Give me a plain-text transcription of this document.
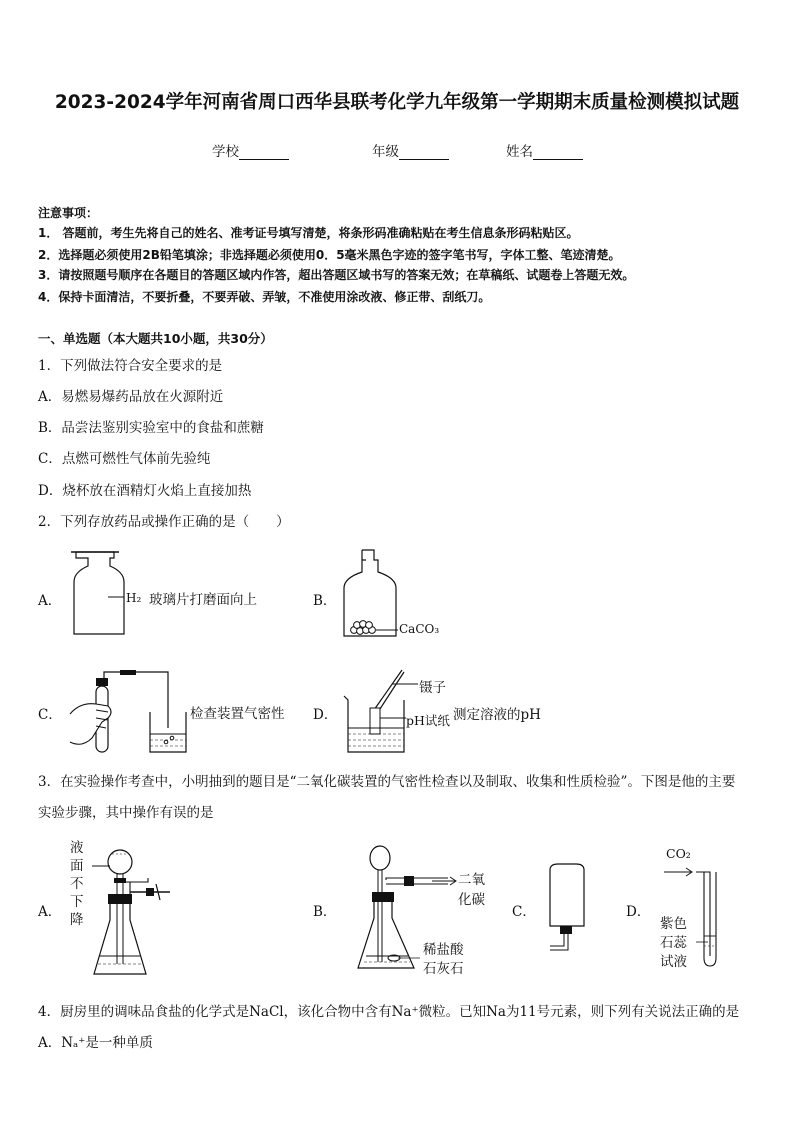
2023-2024学年河南省周口西华县联考化学九年级第一学期期末质量检测模拟试题
学校	年级	姓名
注意事项：
1． 答题前，考生先将自己的姓名、准考证号填写清楚，将条形码准确粘贴在考生信息条形码粘贴区。
2．选择题必须使用2B铅笔填涂；非选择题必须使用0．5毫米黑色字迹的签字笔书写，字体工整、笔迹清楚。
3．请按照题号顺序在各题目的答题区域内作答，超出答题区域书写的答案无效；在草稿纸、试题卷上答题无效。
4．保持卡面清洁，不要折叠，不要弄破、弄皱，不准使用涂改液、修正带、刮纸刀。
一、单选题（本大题共10小题，共30分）
1．下列做法符合安全要求的是
A．易燃易爆药品放在火源附近
B．品尝法鉴别实验室中的食盐和蔗糖
C．点燃可燃性气体前先验纯
D．烧杯放在酒精灯火焰上直接加热
2．下列存放药品或操作正确的是（　　）
A．	H₂ 玻璃片打磨面向上	B．
CaCO₃
C．	检查装置气密性 D．
镊子
pH试纸 测定溶液的pH
3．在实验操作考查中，小明抽到的题目是“二氧化碳装置的气密性检查以及制取、收集和性质检验”。下图是他的主要
实验步骤，其中操作有误的是
A．
液
面
不
下
降	B．
二氧
化碳
稀盐酸
石灰石
C．	D．
CO₂
紫色
石蕊
试液
4．厨房里的调味品食盐的化学式是NaCl，该化合物中含有Na⁺微粒。已知Na为11号元素，则下列有关说法正确的是
A．Nₐ⁺是一种单质
